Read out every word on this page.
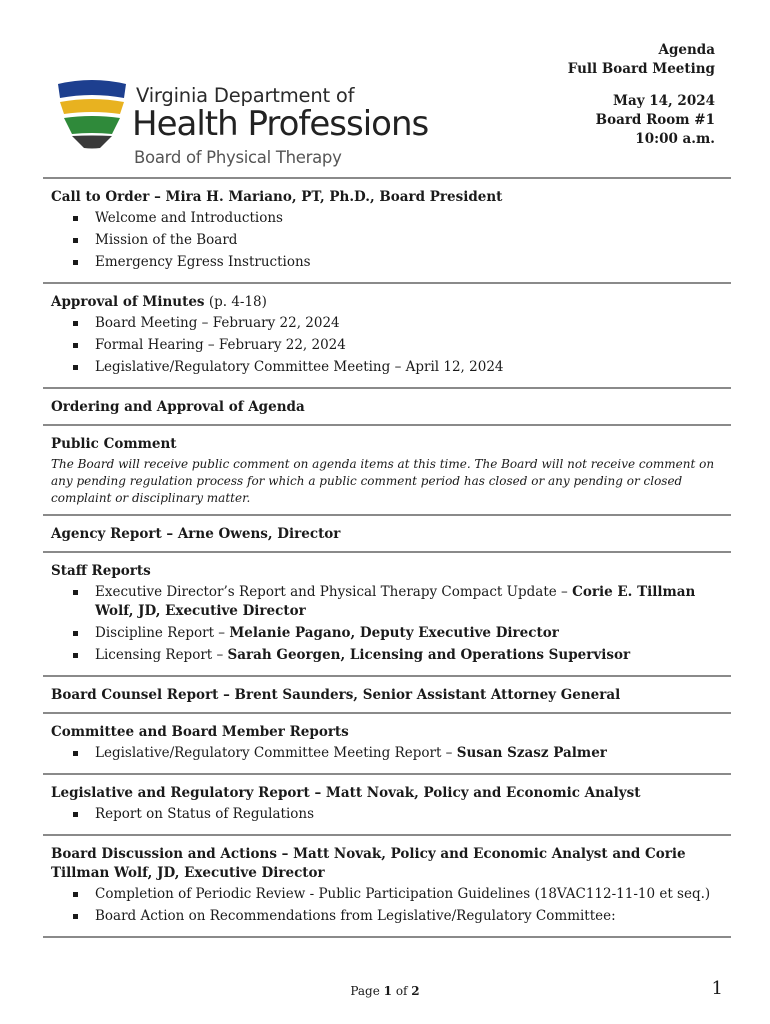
Virginia Department of
Health Professions
Board of Physical Therapy
Agenda
Full Board Meeting
May 14, 2024
Board Room #1
10:00 a.m.
Call to Order – Mira H. Mariano, PT, Ph.D., Board President
Welcome and Introductions
Mission of the Board
Emergency Egress Instructions
Approval of Minutes (p. 4-18)
Board Meeting – February 22, 2024
Formal Hearing – February 22, 2024
Legislative/Regulatory Committee Meeting – April 12, 2024
Ordering and Approval of Agenda
Public Comment
The Board will receive public comment on agenda items at this time. The Board will not receive comment on any pending regulation process for which a public comment period has closed or any pending or closed complaint or disciplinary matter.
Agency Report – Arne Owens, Director
Staff Reports
Executive Director’s Report and Physical Therapy Compact Update – Corie E. Tillman Wolf, JD, Executive Director
Discipline Report – Melanie Pagano, Deputy Executive Director
Licensing Report – Sarah Georgen, Licensing and Operations Supervisor
Board Counsel Report – Brent Saunders, Senior Assistant Attorney General
Committee and Board Member Reports
Legislative/Regulatory Committee Meeting Report – Susan Szasz Palmer
Legislative and Regulatory Report – Matt Novak, Policy and Economic Analyst
Report on Status of Regulations
Board Discussion and Actions – Matt Novak, Policy and Economic Analyst and Corie Tillman Wolf, JD, Executive Director
Completion of Periodic Review - Public Participation Guidelines (18VAC112-11-10 et seq.)
Board Action on Recommendations from Legislative/Regulatory Committee:
Page 1 of 2	1
